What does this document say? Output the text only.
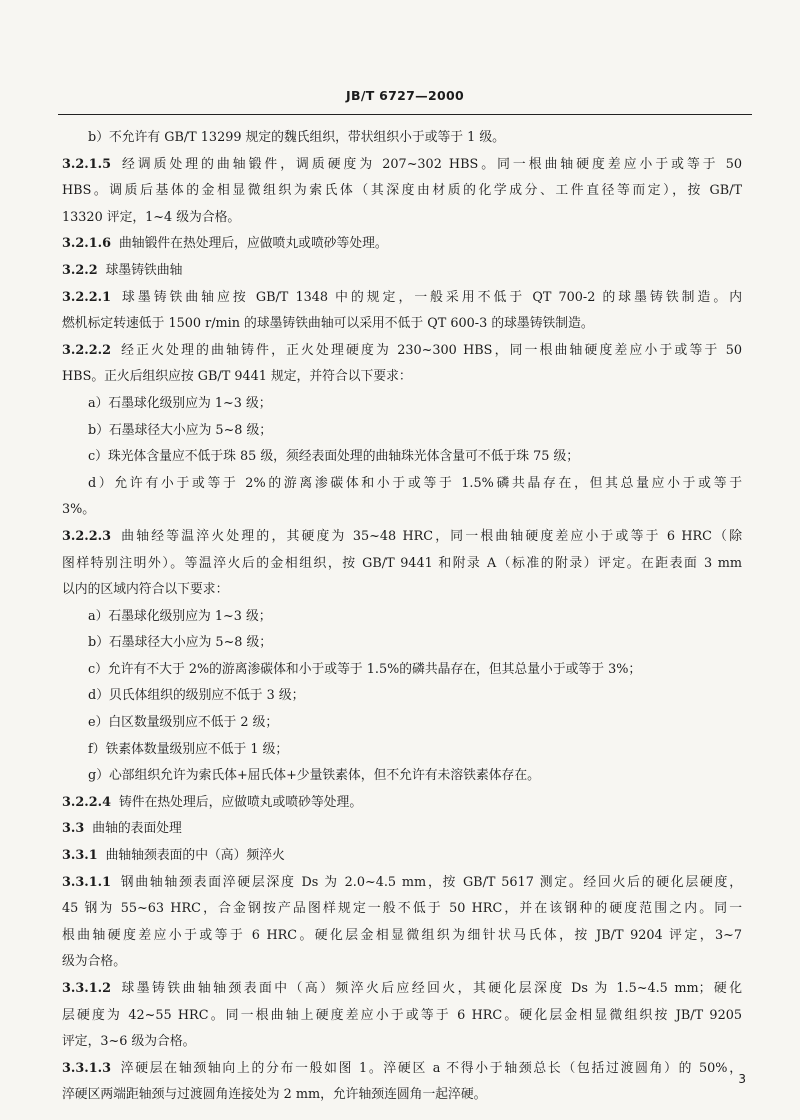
JB/T 6727—2000
b）不允许有 GB/T 13299 规定的魏氏组织，带状组织小于或等于 1 级。
3.2.1.5 经调质处理的曲轴锻件，调质硬度为 207~302 HBS。同一根曲轴硬度差应小于或等于 50
HBS。调质后基体的金相显微组织为索氏体（其深度由材质的化学成分、工件直径等而定），按 GB/T
13320 评定，1~4 级为合格。
3.2.1.6 曲轴锻件在热处理后，应做喷丸或喷砂等处理。
3.2.2 球墨铸铁曲轴
3.2.2.1 球墨铸铁曲轴应按 GB/T 1348 中的规定，一般采用不低于 QT 700-2 的球墨铸铁制造。内
燃机标定转速低于 1500 r/min 的球墨铸铁曲轴可以采用不低于 QT 600-3 的球墨铸铁制造。
3.2.2.2 经正火处理的曲轴铸件，正火处理硬度为 230~300 HBS，同一根曲轴硬度差应小于或等于 50
HBS。正火后组织应按 GB/T 9441 规定，并符合以下要求：
a）石墨球化级别应为 1~3 级；
b）石墨球径大小应为 5~8 级；
c）珠光体含量应不低于珠 85 级，须经表面处理的曲轴珠光体含量可不低于珠 75 级；
d）允许有小于或等于 2%的游离渗碳体和小于或等于 1.5%磷共晶存在，但其总量应小于或等于
3%。
3.2.2.3 曲轴经等温淬火处理的，其硬度为 35~48 HRC，同一根曲轴硬度差应小于或等于 6 HRC（除
图样特别注明外）。等温淬火后的金相组织，按 GB/T 9441 和附录 A（标准的附录）评定。在距表面 3 mm
以内的区域内符合以下要求：
a）石墨球化级别应为 1~3 级；
b）石墨球径大小应为 5~8 级；
c）允许有不大于 2%的游离渗碳体和小于或等于 1.5%的磷共晶存在，但其总量小于或等于 3%；
d）贝氏体组织的级别应不低于 3 级；
e）白区数量级别应不低于 2 级；
f）铁素体数量级别应不低于 1 级；
g）心部组织允许为索氏体+屈氏体+少量铁素体，但不允许有未溶铁素体存在。
3.2.2.4 铸件在热处理后，应做喷丸或喷砂等处理。
3.3 曲轴的表面处理
3.3.1 曲轴轴颈表面的中（高）频淬火
3.3.1.1 钢曲轴轴颈表面淬硬层深度 Ds 为 2.0~4.5 mm，按 GB/T 5617 测定。经回火后的硬化层硬度，
45 钢为 55~63 HRC，合金钢按产品图样规定一般不低于 50 HRC，并在该钢种的硬度范围之内。同一
根曲轴硬度差应小于或等于 6 HRC。硬化层金相显微组织为细针状马氏体，按 JB/T 9204 评定，3~7
级为合格。
3.3.1.2 球墨铸铁曲轴轴颈表面中（高）频淬火后应经回火，其硬化层深度 Ds 为 1.5~4.5 mm；硬化
层硬度为 42~55 HRC。同一根曲轴上硬度差应小于或等于 6 HRC。硬化层金相显微组织按 JB/T 9205
评定，3~6 级为合格。
3.3.1.3 淬硬层在轴颈轴向上的分布一般如图 1。淬硬区 a 不得小于轴颈总长（包括过渡圆角）的 50%，
淬硬区两端距轴颈与过渡圆角连接处为 2 mm，允许轴颈连圆角一起淬硬。
3
